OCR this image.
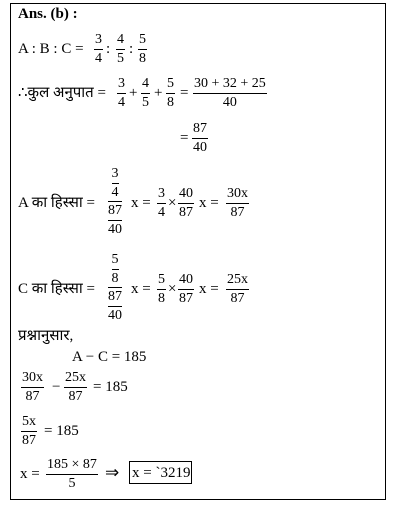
Ans. (b) :
A : B : C =
3
4
:
4
5
:
5
8
∴कुल अनुपात =
3
4
+
4
5
+
5
8
=
30 + 32 + 25
40
=
87
40
A का हिस्सा =
3
4
87
40
x =
3
4
×
40
87
x =
30x
87
C का हिस्सा =
5
8
87
40
x =
5
8
×
40
87
x =
25x
87
प्रश्नानुसार,
A − C = 185
30x
87
−
25x
87
= 185
5x
87
= 185
x =
185 × 87
5
⇒ x = `3219
